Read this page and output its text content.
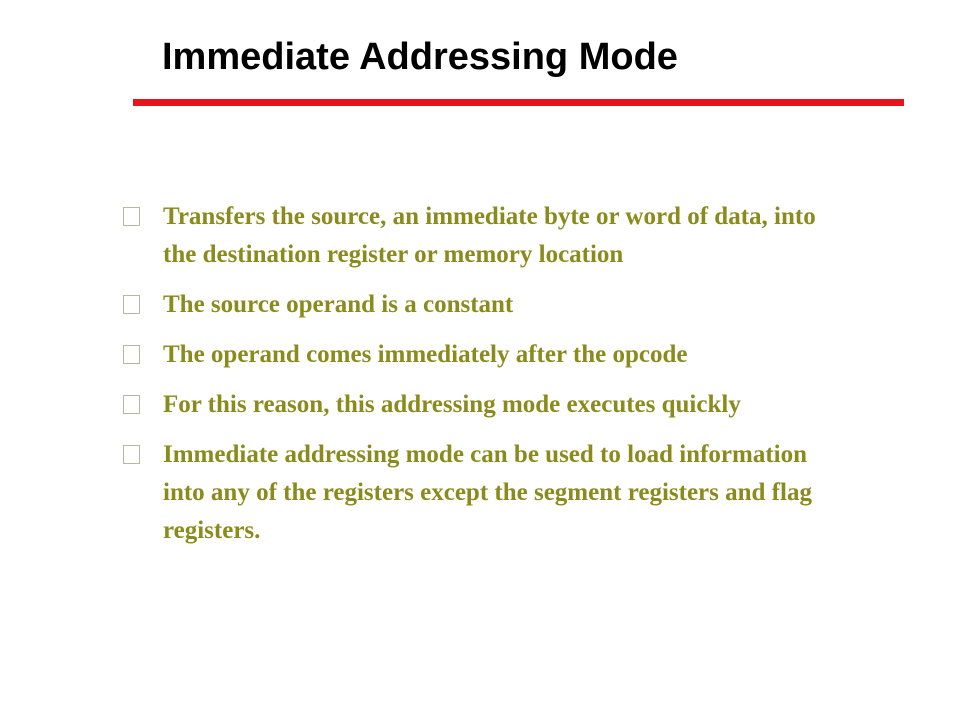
Immediate Addressing Mode
Transfers the source, an immediate byte or word of data, into the destination register or memory location
The source operand is a constant
The operand comes immediately after the opcode
For this reason, this addressing mode executes quickly
Immediate addressing mode can be used to load information into any of the registers except the segment registers and flag registers.
